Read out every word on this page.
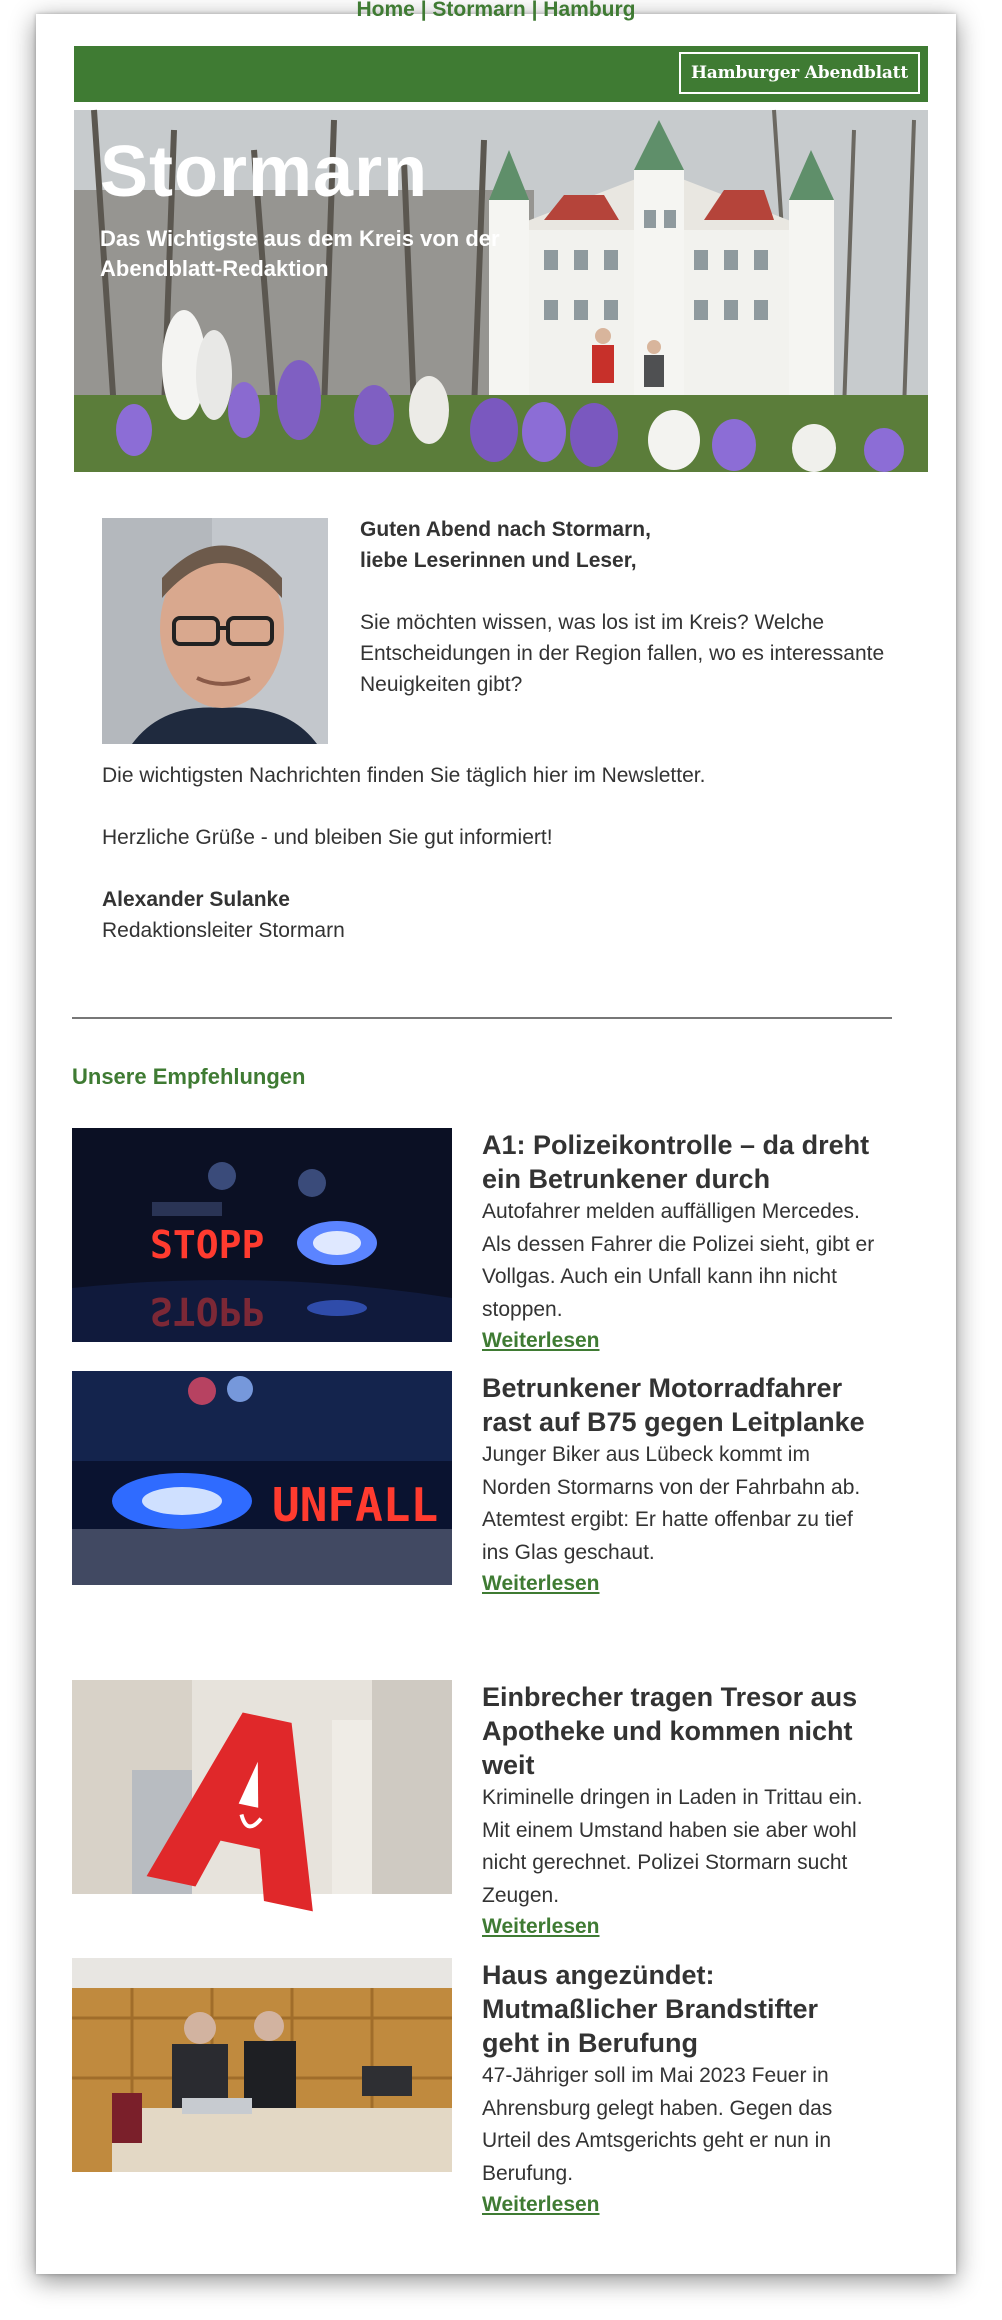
Home | Stormarn | Hamburg
Hamburger Abendblatt
Stormarn
Das Wichtigste aus dem Kreis von der Abendblatt-Redaktion

Guten Abend nach Stormarn,
liebe Leserinnen und Leser,

Sie möchten wissen, was los ist im Kreis? Welche Entscheidungen in der Region fallen, wo es interessante Neuigkeiten gibt?

Die wichtigsten Nachrichten finden Sie täglich hier im Newsletter.

Herzliche Grüße - und bleiben Sie gut informiert!

Alexander Sulanke
Redaktionsleiter Stormarn

Unsere Empfehlungen
STOPP
STOPP
A1: Polizeikontrolle – da dreht ein Betrunkener durch

Autofahrer melden auffälligen Mercedes. Als dessen Fahrer die Polizei sieht, gibt er Vollgas. Auch ein Unfall kann ihn nicht stoppen.

Weiterlesen
UNFALL
Betrunkener Motorradfahrer rast auf B75 gegen Leitplanke

Junger Biker aus Lübeck kommt im Norden Stormarns von der Fahrbahn ab. Atemtest ergibt: Er hatte offenbar zu tief ins Glas geschaut.

Weiterlesen
Einbrecher tragen Tresor aus Apotheke und kommen nicht weit

Kriminelle dringen in Laden in Trittau ein. Mit einem Umstand haben sie aber wohl nicht gerechnet. Polizei Stormarn sucht Zeugen.

Weiterlesen
Haus angezündet: Mutmaßlicher Brandstifter geht in Berufung

47-Jähriger soll im Mai 2023 Feuer in Ahrensburg gelegt haben. Gegen das Urteil des Amtsgerichts geht er nun in Berufung.

Weiterlesen
